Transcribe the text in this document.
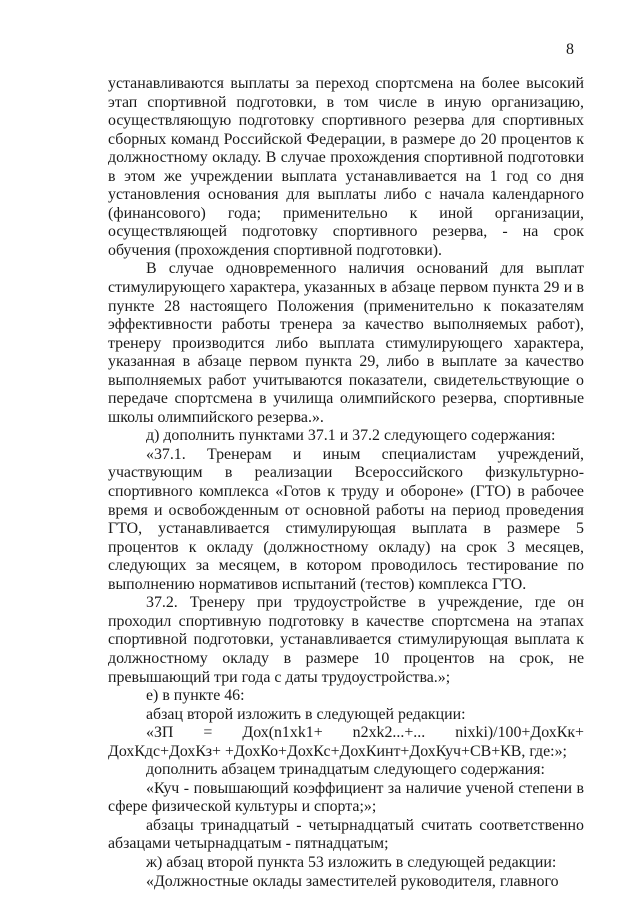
8

устанавливаются выплаты за переход спортсмена на более высокий этап спортивной подготовки, в том числе в иную организацию, осуществляющую подготовку спортивного резерва для спортивных сборных команд Российской Федерации, в размере до 20 процентов к должностному окладу. В случае прохождения спортивной подготовки в этом же учреждении выплата устанавливается на 1 год со дня установления основания для выплаты либо с начала календарного (финансового) года; применительно к иной организации, осуществляющей подготовку спортивного резерва, - на срок обучения (прохождения спортивной подготовки).

В случае одновременного наличия оснований для выплат стимулирующего характера, указанных в абзаце первом пункта 29 и в пункте 28 настоящего Положения (применительно к показателям эффективности работы тренера за качество выполняемых работ), тренеру производится либо выплата стимулирующего характера, указанная в абзаце первом пункта 29, либо в выплате за качество выполняемых работ учитываются показатели, свидетельствующие о передаче спортсмена в училища олимпийского резерва, спортивные школы олимпийского резерва.».

д) дополнить пунктами 37.1 и 37.2 следующего содержания:

«37.1. Тренерам и иным специалистам учреждений, участвующим в реализации Всероссийского физкультурно-спортивного комплекса «Готов к труду и обороне» (ГТО) в рабочее время и освобожденным от основной работы на период проведения ГТО, устанавливается стимулирующая выплата в размере 5 процентов к окладу (должностному окладу) на срок 3 месяцев, следующих за месяцем, в котором проводилось тестирование по выполнению нормативов испытаний (тестов) комплекса ГТО.

37.2. Тренеру при трудоустройстве в учреждение, где он проходил спортивную подготовку в качестве спортсмена на этапах спортивной подготовки, устанавливается стимулирующая выплата к должностному окладу в размере 10 процентов на срок, не превышающий три года с даты трудоустройства.»;

е) в пункте 46:

абзац второй изложить в следующей редакции:

«ЗП = Дох(n1xk1+ n2xk2...+... nixki)/100+ДохКк+ ДохКдс+ДохКз+ +ДохКо+ДохКс+ДохКинт+ДохКуч+СВ+КВ, где:»;

дополнить абзацем тринадцатым следующего содержания:

«Куч - повышающий коэффициент за наличие ученой степени в сфере физической культуры и спорта;»;

абзацы тринадцатый - четырнадцатый считать соответственно абзацами четырнадцатым - пятнадцатым;

ж) абзац второй пункта 53 изложить в следующей редакции:

«Должностные оклады заместителей руководителя, главного
